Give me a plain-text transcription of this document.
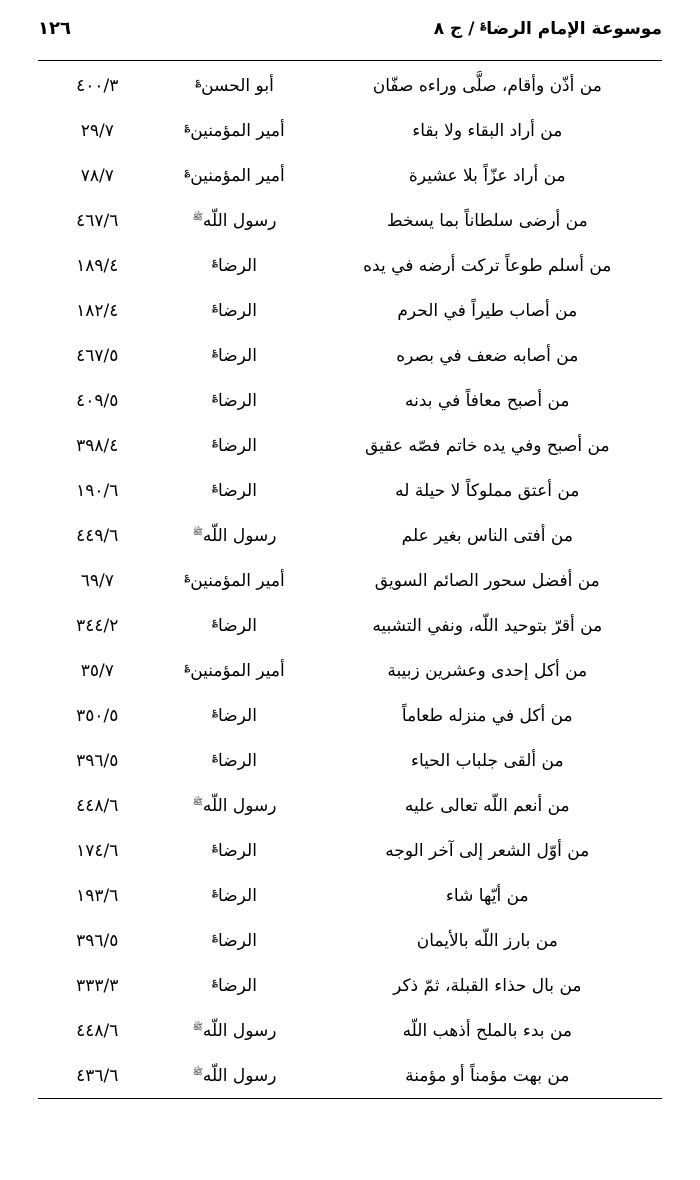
موسوعة الإمام الرضا؏ / ج ٨
١٢٦
من أذّن وأقام، صلَّى وراءه صفّان	أبو الحسن؏	٤٠٠/٣
من أراد البقاء ولا بقاء	أمير المؤمنين؏	٢٩/٧
من أراد عزّاً بلا عشيرة	أمير المؤمنين؏	٧٨/٧
من أرضى سلطاناً بما يسخط	رسول اللّه$^ﷺ$	٤٦٧/٦
من أسلم طوعاً تركت أرضه في يده	الرضا؏	١٨٩/٤
من أصاب طيراً في الحرم	الرضا؏	١٨٢/٤
من أصابه ضعف في بصره	الرضا؏	٤٦٧/٥
من أصبح معافاً في بدنه	الرضا؏	٤٠٩/٥
من أصبح وفي يده خاتم فصّه عقيق	الرضا؏	٣٩٨/٤
من أعتق مملوكاً لا حيلة له	الرضا؏	١٩٠/٦
من أفتى الناس بغير علم	رسول اللّه$^ﷺ$	٤٤٩/٦
من أفضل سحور الصائم السويق	أمير المؤمنين؏	٦٩/٧
من أقرّ بتوحيد اللّه، ونفي التشبيه	الرضا؏	٣٤٤/٢
من أكل إحدى وعشرين زبيبة	أمير المؤمنين؏	٣٥/٧
من أكل في منزله طعاماً	الرضا؏	٣٥٠/٥
من ألقى جلباب الحياء	الرضا؏	٣٩٦/٥
من أنعم اللّه تعالى عليه	رسول اللّه$^ﷺ$	٤٤٨/٦
من أوّل الشعر إلى آخر الوجه	الرضا؏	١٧٤/٦
من أيّها شاء	الرضا؏	١٩٣/٦
من بارز اللّه بالأيمان	الرضا؏	٣٩٦/٥
من بال حذاء القبلة، ثمّ ذكر	الرضا؏	٣٣٣/٣
من بدء بالملح أذهب اللّه	رسول اللّه$^ﷺ$	٤٤٨/٦
من بهت مؤمناً أو مؤمنة	رسول اللّه$^ﷺ$	٤٣٦/٦
